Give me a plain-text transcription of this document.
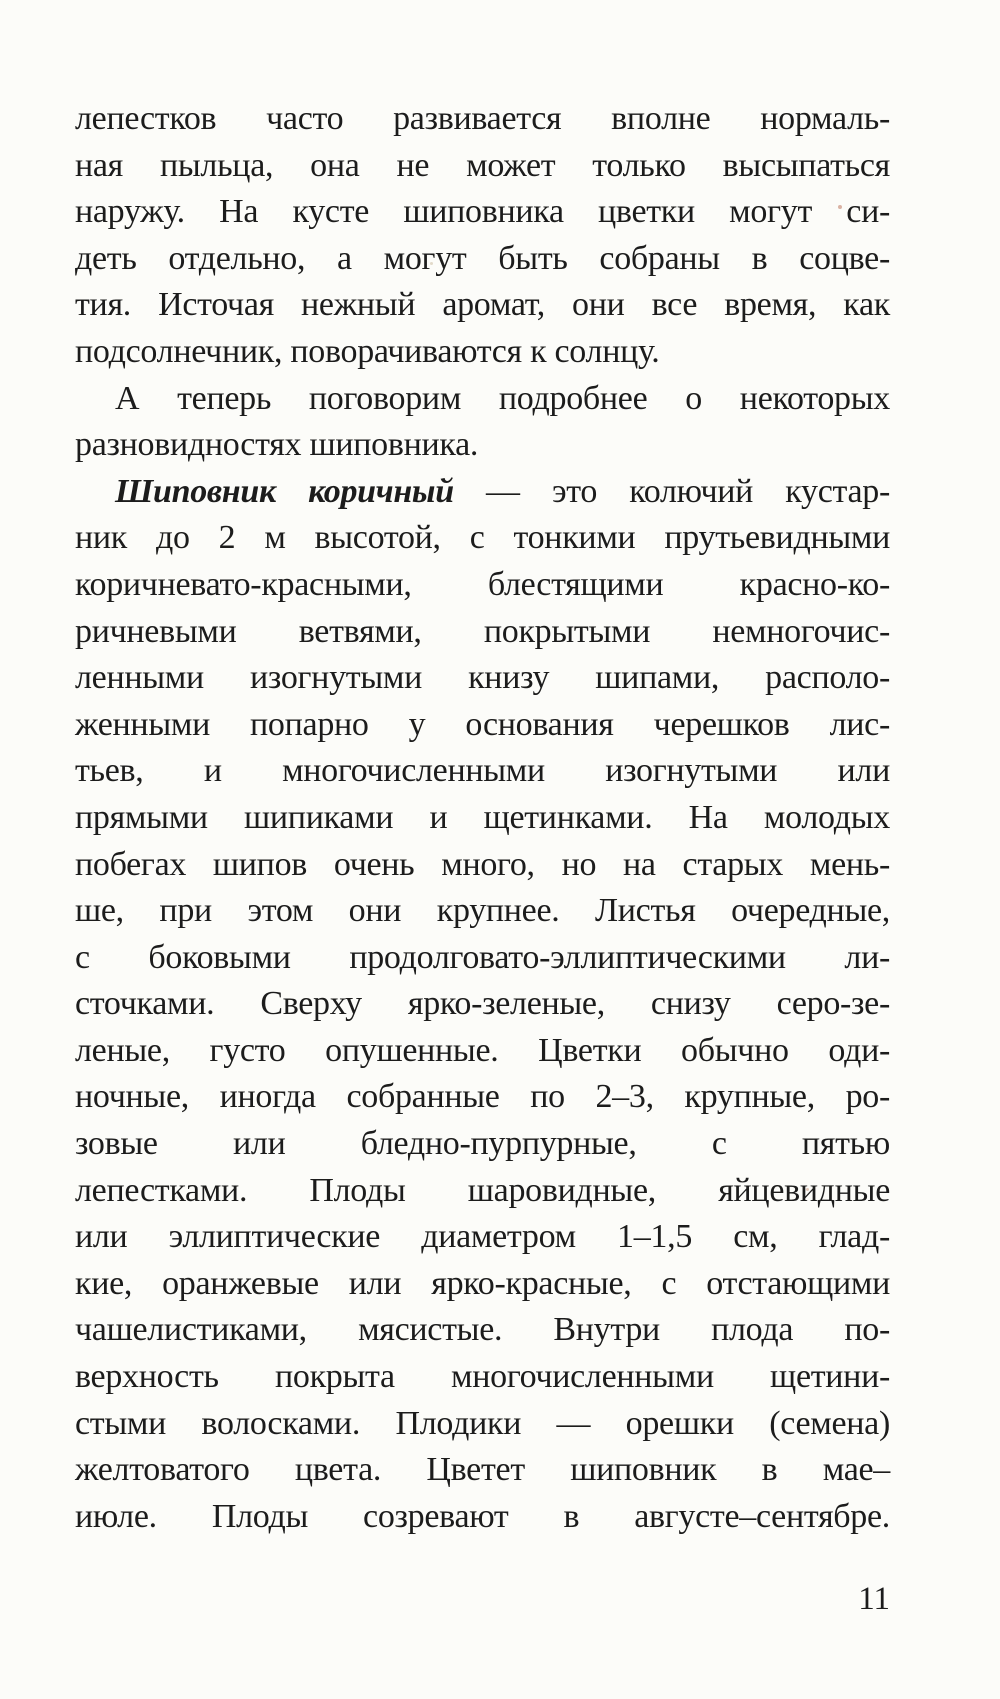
лепестков часто развивается вполне нормаль-
ная пыльца, она не может только высыпаться
наружу. На кусте шиповника цветки могут си-
деть отдельно, а могут быть собраны в соцве-
тия. Источая нежный аромат, они все время, как
подсолнечник, поворачиваются к солнцу.
А теперь поговорим подробнее о некоторых
разновидностях шиповника.
Шиповник коричный — это колючий кустар-
ник до 2 м высотой, с тонкими прутьевидными
коричневато-красными, блестящими красно-ко-
ричневыми ветвями, покрытыми немногочис-
ленными изогнутыми книзу шипами, располо-
женными попарно у основания черешков лис-
тьев, и многочисленными изогнутыми или
прямыми шипиками и щетинками. На молодых
побегах шипов очень много, но на старых мень-
ше, при этом они крупнее. Листья очередные,
с боковыми продолговато-эллиптическими ли-
сточками. Сверху ярко-зеленые, снизу серо-зе-
леные, густо опушенные. Цветки обычно оди-
ночные, иногда собранные по 2–3, крупные, ро-
зовые или бледно-пурпурные, с пятью
лепестками. Плоды шаровидные, яйцевидные
или эллиптические диаметром 1–1,5 см, глад-
кие, оранжевые или ярко-красные, с отстающими
чашелистиками, мясистые. Внутри плода по-
верхность покрыта многочисленными щетини-
стыми волосками. Плодики — орешки (семена)
желтоватого цвета. Цветет шиповник в мае–
июле. Плоды созревают в августе–сентябре.
11
